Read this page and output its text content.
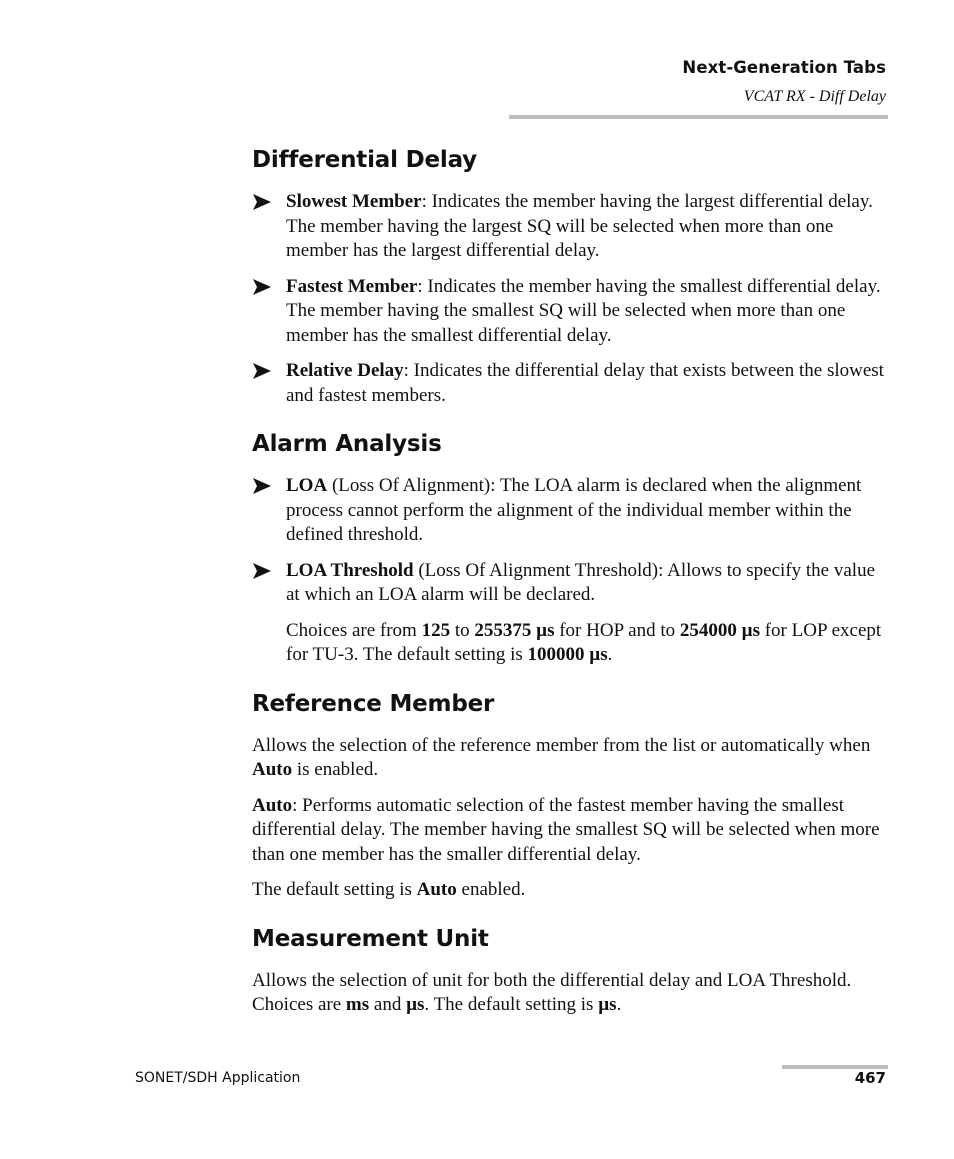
Next-Generation Tabs
VCAT RX - Diff Delay
Differential Delay
Slowest Member: Indicates the member having the largest differential delay. The member having the largest SQ will be selected when more than one member has the largest differential delay.
Fastest Member: Indicates the member having the smallest differential delay. The member having the smallest SQ will be selected when more than one member has the smallest differential delay.
Relative Delay: Indicates the differential delay that exists between the slowest and fastest members.
Alarm Analysis
LOA (Loss Of Alignment): The LOA alarm is declared when the alignment process cannot perform the alignment of the individual member within the defined threshold.
LOA Threshold (Loss Of Alignment Threshold): Allows to specify the value at which an LOA alarm will be declared.

Choices are from 125 to 255375 µs for HOP and to 254000 µs for LOP except for TU-3. The default setting is 100000 µs.

Reference Member

Allows the selection of the reference member from the list or automatically when Auto is enabled.

Auto: Performs automatic selection of the fastest member having the smallest differential delay. The member having the smallest SQ will be selected when more than one member has the smaller differential delay.

The default setting is Auto enabled.

Measurement Unit

Allows the selection of unit for both the differential delay and LOA Threshold. Choices are ms and µs. The default setting is µs.

SONET/SDH Application	467
